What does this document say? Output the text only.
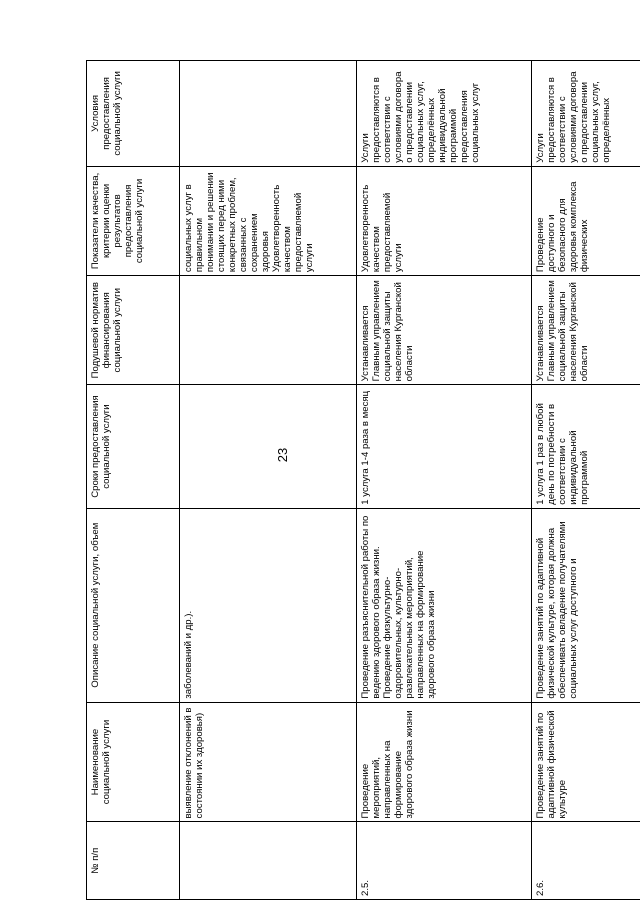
23
№ п/п	Наименование социальной услуги	Описание социальной услуги, объем	Сроки предоставления социальной услуги	Подушевой норматив финансирования социальной услуги	Показатели качества, критерии оценки результатов предоставления социальной услуги	Условия предоставления социальной услуги
	выявление отклонений в состоянии их здоровья)	заболеваний и др.).			социальных услуг в правильном понимании и решении стоящих перед ними конкретных проблем, связанных с сохранением здоровья Удовлетворенность качеством предоставляемой услуги	
2.5.	Проведение мероприятий, направленных на формирование здорового образа жизни	Проведение разъяснительной работы по ведению здорового образа жизни. Проведение физкультурно-оздоровительных, культурно-развлекательных мероприятий, направленных на формирование здорового образа жизни	1 услуга 1-4 раза в месяц	Устанавливается Главным управлением социальной защиты населения Курганской области	Удовлетворенность качеством предоставляемой услуги	Услуги предоставляются в соответствии с условиями договора о предоставлении социальных услуг, определённых индивидуальной программой предоставления социальных услуг
2.6.	Проведение занятий по адаптивной физической культуре	Проведение занятий по адаптивной физической культуре, которая должна обеспечивать овладение получателями социальных услуг доступного и	1 услуга 1 раз в любой день по потребности в соответствии с индивидуальной программой	Устанавливается Главным управлением социальной защиты населения Курганской области	Проведение доступного и безопасного для здоровья комплекса физических	Услуги предоставляются в соответствии с условиями договора о предоставлении социальных услуг, определённых
